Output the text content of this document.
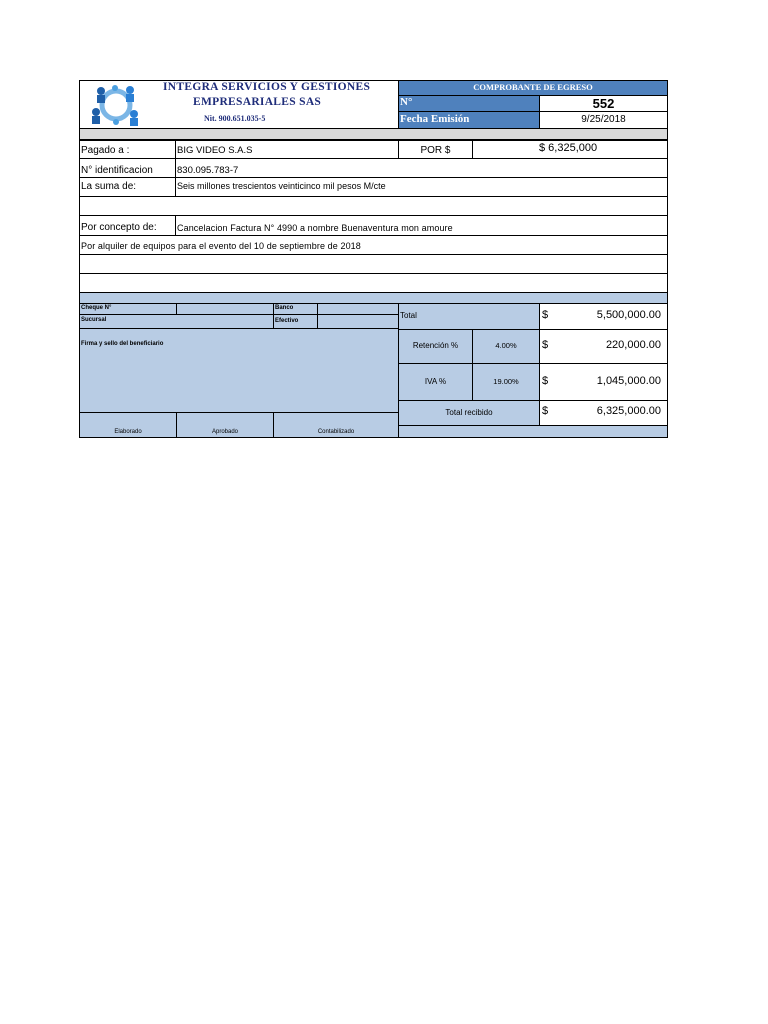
INTEGRA SERVICIOS Y GESTIONES
EMPRESARIALES SAS
Nit. 900.651.035-5
COMPROBANTE DE EGRESO
N°	552
Fecha Emisión	9/25/2018
Pagado a :	BIG VIDEO S.A.S	POR $	$ 6,325,000
N° identificacion	830.095.783-7
La suma de:	Seis millones trescientos veinticinco mil pesos M/cte
Por concepto de: Cancelacion Factura N° 4990 a nombre Buenaventura mon amoure
Por alquiler de equipos para el evento del 10 de septiembre de 2018
Cheque N°	Banco
Sucursal	Efectivo
Firma y sello del beneficiario
Elaborado	Aprobado	Contabilizado
Total	$	5,500,000.00
Retención %	4.00%	$	220,000.00
IVA %	19.00%	$	1,045,000.00
Total recibido	$	6,325,000.00
